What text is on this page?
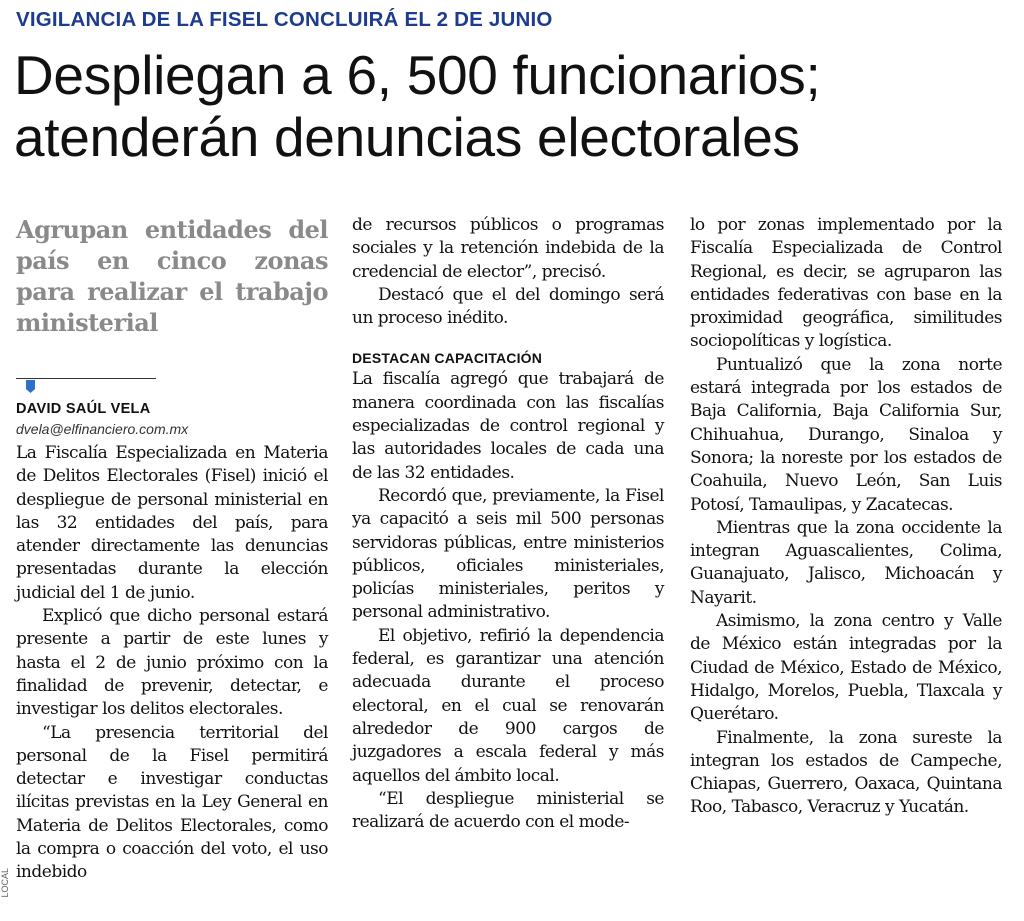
VIGILANCIA DE LA FISEL CONCLUIRÁ EL 2 DE JUNIO
Despliegan a 6, 500 funcionarios;
atenderán denuncias electorales

Agrupan entidades del país en cinco zonas para realizar el trabajo ministerial

DAVID SAÚL VELA
dvela@elfinanciero.com.mx

La Fiscalía Especializada en Materia de Delitos Electorales (Fisel) inició el despliegue de personal ministerial en las 32 entidades del país, para atender directamente las denuncias presentadas durante la elección judicial del 1 de junio.

Explicó que dicho personal estará presente a partir de este lunes y hasta el 2 de junio próximo con la finalidad de prevenir, detectar, e investigar los delitos electorales.

“La presencia territorial del personal de la Fisel permitirá detectar e investigar conductas ilícitas previstas en la Ley General en Materia de Delitos Electorales, como la compra o coacción del voto, el uso indebido

de recursos públicos o programas sociales y la retención indebida de la credencial de elector”, precisó.

Destacó que el del domingo será un proceso inédito.

DESTACAN CAPACITACIÓN

La fiscalía agregó que trabajará de manera coordinada con las fiscalías especializadas de control regional y las autoridades locales de cada una de las 32 entidades.

Recordó que, previamente, la Fisel ya capacitó a seis mil 500 personas servidoras públicas, entre ministerios públicos, oficiales ministeriales, policías ministeriales, peritos y personal administrativo.

El objetivo, refirió la dependencia federal, es garantizar una atención adecuada durante el proceso electoral, en el cual se renovarán alrededor de 900 cargos de juzgadores a escala federal y más aquellos del ámbito local.

“El despliegue ministerial se realizará de acuerdo con el mode-

lo por zonas implementado por la Fiscalía Especializada de Control Regional, es decir, se agruparon las entidades federativas con base en la proximidad geográfica, similitudes sociopolíticas y logística.

Puntualizó que la zona norte estará integrada por los estados de Baja California, Baja California Sur, Chihuahua, Durango, Sinaloa y Sonora; la noreste por los estados de Coahuila, Nuevo León, San Luis Potosí, Tamaulipas, y Zacatecas.

Mientras que la zona occidente la integran Aguascalientes, Colima, Guanajuato, Jalisco, Michoacán y Nayarit.

Asimismo, la zona centro y Valle de México están integradas por la Ciudad de México, Estado de México, Hidalgo, Morelos, Puebla, Tlaxcala y Querétaro.

Finalmente, la zona sureste la integran los estados de Campeche, Chiapas, Guerrero, Oaxaca, Quintana Roo, Tabasco, Veracruz y Yucatán.

LOCAL
